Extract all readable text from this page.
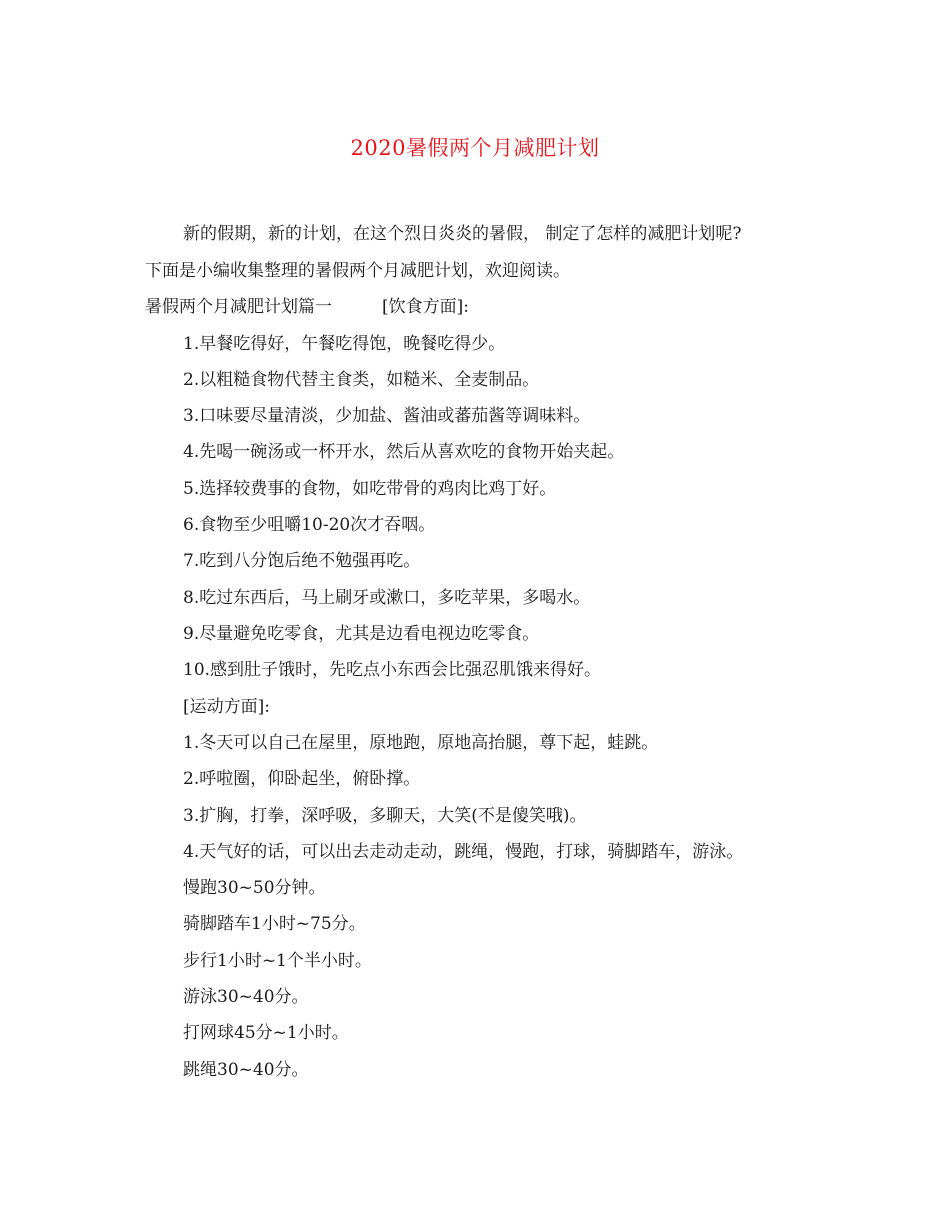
2020暑假两个月减肥计划
新的假期，新的计划，在这个烈日炎炎的暑假， 制定了怎样的减肥计划呢?
下面是小编收集整理的暑假两个月减肥计划，欢迎阅读。
暑假两个月减肥计划篇一	[饮食方面]:
1.早餐吃得好，午餐吃得饱，晚餐吃得少。
2.以粗糙食物代替主食类，如糙米、全麦制品。
3.口味要尽量清淡，少加盐、酱油或蕃茄酱等调味料。
4.先喝一碗汤或一杯开水，然后从喜欢吃的食物开始夹起。
5.选择较费事的食物，如吃带骨的鸡肉比鸡丁好。
6.食物至少咀嚼10-20次才吞咽。
7.吃到八分饱后绝不勉强再吃。
8.吃过东西后，马上刷牙或漱口，多吃苹果，多喝水。
9.尽量避免吃零食，尤其是边看电视边吃零食。
10.感到肚子饿时，先吃点小东西会比强忍肌饿来得好。
[运动方面]:
1.冬天可以自己在屋里，原地跑，原地高抬腿，尊下起，蛙跳。
2.呼啦圈，仰卧起坐，俯卧撑。
3.扩胸，打拳，深呼吸，多聊天，大笑(不是傻笑哦)。
4.天气好的话，可以出去走动走动，跳绳，慢跑，打球，骑脚踏车，游泳。
慢跑30~50分钟。
骑脚踏车1小时~75分。
步行1小时~1个半小时。
游泳30~40分。
打网球45分~1小时。
跳绳30~40分。
